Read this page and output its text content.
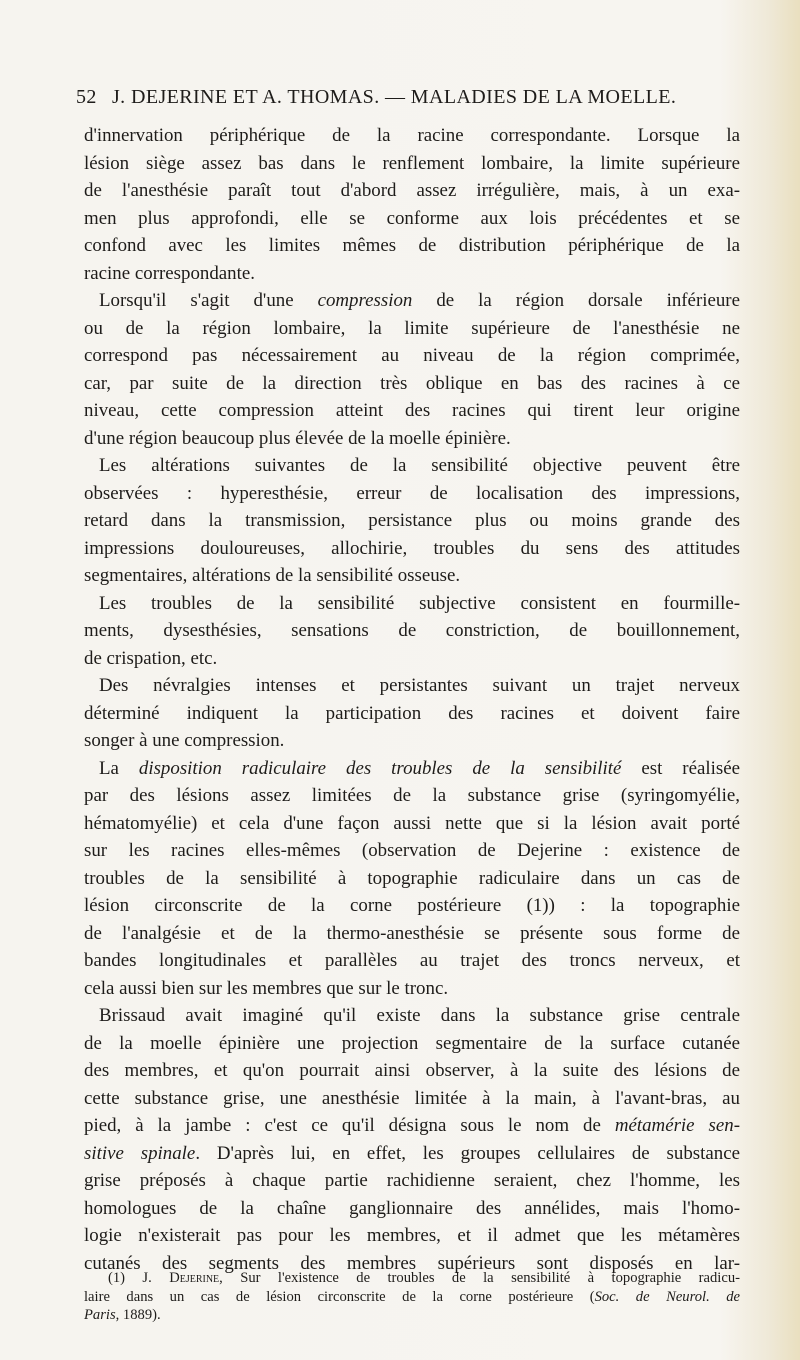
52 J. DEJERINE ET A. THOMAS. — MALADIES DE LA MOELLE.
d'innervation périphérique de la racine correspondante. Lorsque la
lésion siège assez bas dans le renflement lombaire, la limite supérieure
de l'anesthésie paraît tout d'abord assez irrégulière, mais, à un exa-
men plus approfondi, elle se conforme aux lois précédentes et se
confond avec les limites mêmes de distribution périphérique de la
racine correspondante.
Lorsqu'il s'agit d'une compression de la région dorsale inférieure
ou de la région lombaire, la limite supérieure de l'anesthésie ne
correspond pas nécessairement au niveau de la région comprimée,
car, par suite de la direction très oblique en bas des racines à ce
niveau, cette compression atteint des racines qui tirent leur origine
d'une région beaucoup plus élevée de la moelle épinière.
Les altérations suivantes de la sensibilité objective peuvent être
observées : hyperesthésie, erreur de localisation des impressions,
retard dans la transmission, persistance plus ou moins grande des
impressions douloureuses, allochirie, troubles du sens des attitudes
segmentaires, altérations de la sensibilité osseuse.
Les troubles de la sensibilité subjective consistent en fourmille-
ments, dysesthésies, sensations de constriction, de bouillonnement,
de crispation, etc.
Des névralgies intenses et persistantes suivant un trajet nerveux
déterminé indiquent la participation des racines et doivent faire
songer à une compression.
La disposition radiculaire des troubles de la sensibilité est réalisée
par des lésions assez limitées de la substance grise (syringomyélie,
hématomyélie) et cela d'une façon aussi nette que si la lésion avait porté
sur les racines elles-mêmes (observation de Dejerine : existence de
troubles de la sensibilité à topographie radiculaire dans un cas de
lésion circonscrite de la corne postérieure (1)) : la topographie
de l'analgésie et de la thermo-anesthésie se présente sous forme de
bandes longitudinales et parallèles au trajet des troncs nerveux, et
cela aussi bien sur les membres que sur le tronc.
Brissaud avait imaginé qu'il existe dans la substance grise centrale
de la moelle épinière une projection segmentaire de la surface cutanée
des membres, et qu'on pourrait ainsi observer, à la suite des lésions de
cette substance grise, une anesthésie limitée à la main, à l'avant-bras, au
pied, à la jambe : c'est ce qu'il désigna sous le nom de métamérie sen-
sitive spinale. D'après lui, en effet, les groupes cellulaires de substance
grise préposés à chaque partie rachidienne seraient, chez l'homme, les
homologues de la chaîne ganglionnaire des annélides, mais l'homo-
logie n'existerait pas pour les membres, et il admet que les métamères
cutanés des segments des membres supérieurs sont disposés en lar-
(1) J. Dejerine, Sur l'existence de troubles de la sensibilité à topographie radicu-
laire dans un cas de lésion circonscrite de la corne postérieure (Soc. de Neurol. de
Paris, 1889).
